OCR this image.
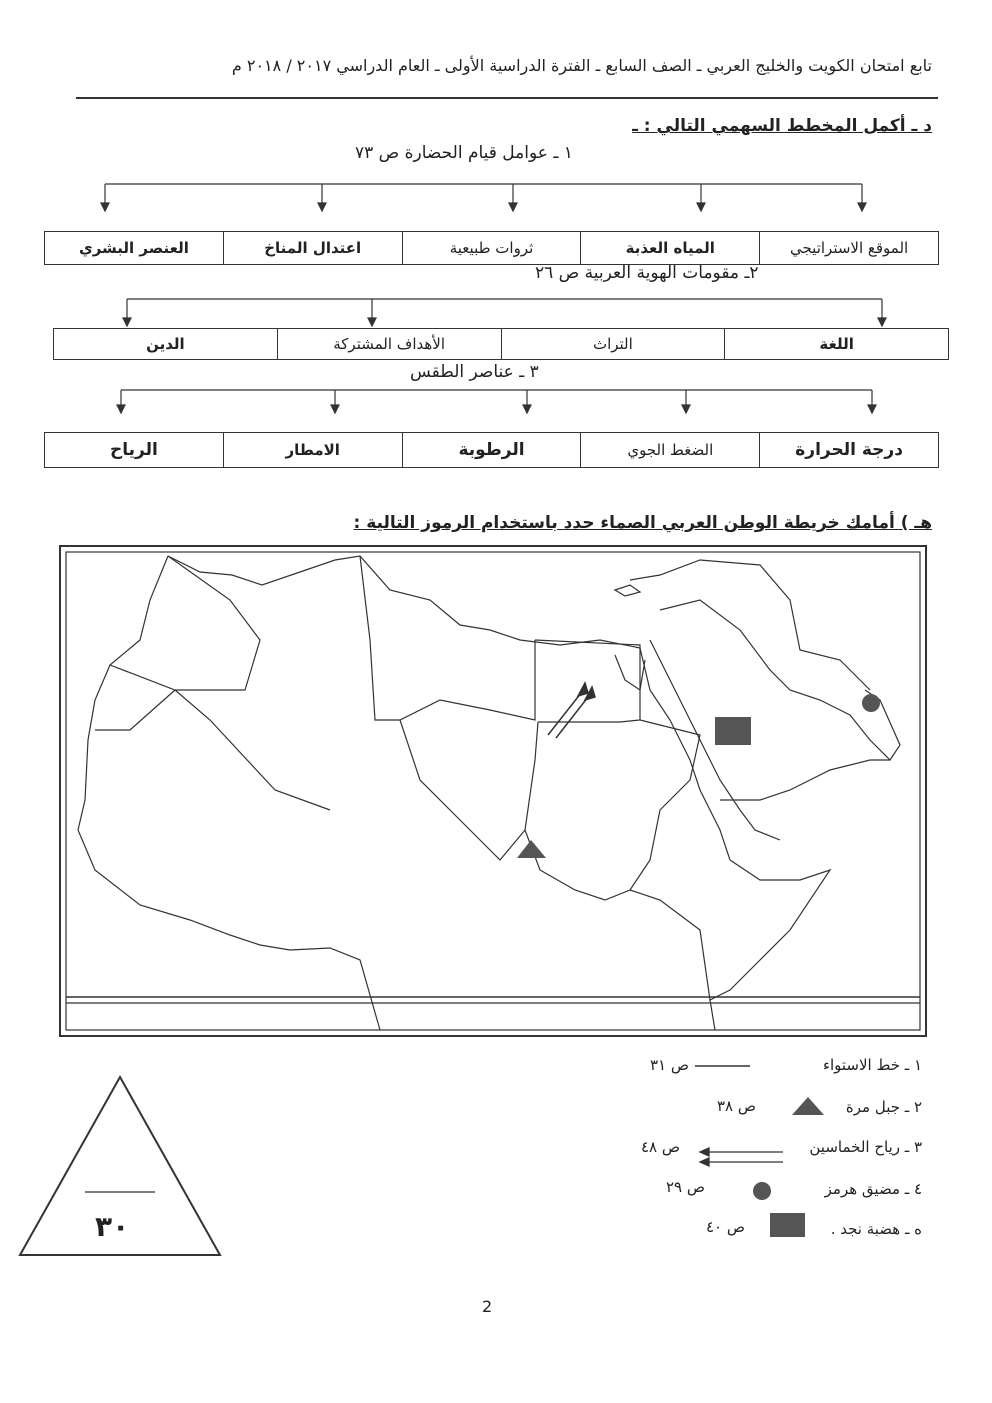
تابع امتحان الكويت والخليج العربي ـ الصف السابع ـ الفترة الدراسية الأولى ـ العام الدراسي ٢٠١٧ / ٢٠١٨ م
د ـ أكمل المخطط السهمي التالي : ـ
١ ـ عوامل قيام الحضارة ص ٧٣
الموقع الاستراتيجي
المياه العذبة
ثروات طبيعية
اعتدال المناخ
العنصر البشري
٢ـ مقومات الهوية العربية ص ٢٦
اللغة
التراث
الأهداف المشتركة
الدين
٣ ـ عناصر الطقس
درجة الحرارة
الضغط الجوي
الرطوبة
الامطار
الرياح
هـ ) أمامك خريطة الوطن العربي الصماء حدد باستخدام الرموز التالية :
١ ـ خط الاستواء
ص ٣١
٢ ـ جبل مرة
ص ٣٨
٣ ـ رياح الخماسين
ص ٤٨
٤ ـ مضيق هرمز
ص ٢٩
ه ـ هضبة نجد .
ص ٤٠
٣٠
2
